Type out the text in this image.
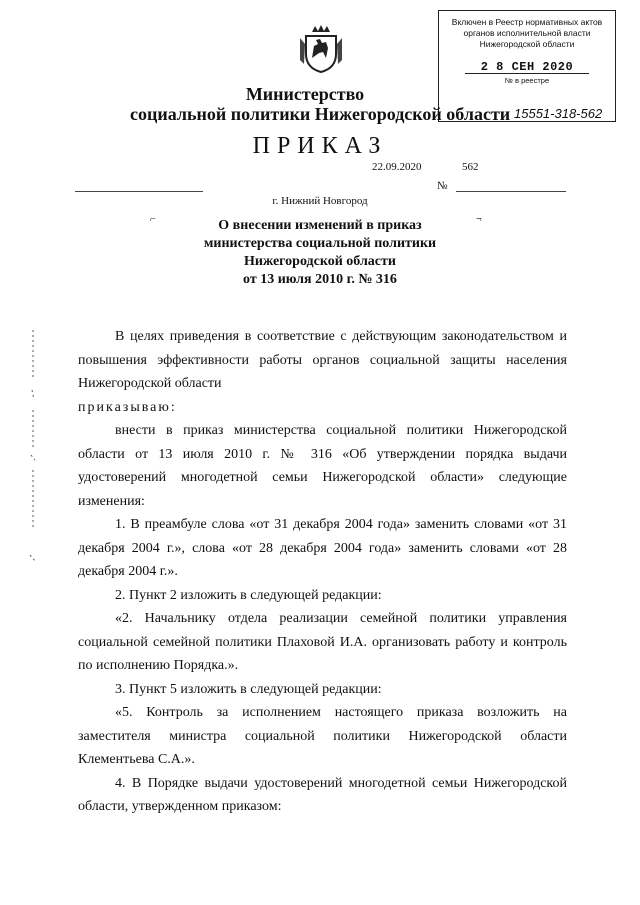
Включен в Реестр нормативных актов органов исполнительной власти Нижегородской области
2 8 СЕН 2020
№ в реестре
Министерство
социальной политики Нижегородской области 15551-318-562
ПРИКАЗ
22.09.2020	562
№
г. Нижний Новгород
⌐	¬
О внесении изменений в приказ
министерства социальной политики
Нижегородской области
от 13 июля 2010 г. № 316

В целях приведения в соответствие с действующим законодательством и повышения эффективности работы органов социальной защиты населения Нижегородской области

приказываю:

внести в приказ министерства социальной политики Нижегородской области от 13 июля 2010 г. № 316 «Об утверждении порядка выдачи удостоверений многодетной семьи Нижегородской области» следующие изменения:

1. В преамбуле слова «от 31 декабря 2004 года» заменить словами «от 31 декабря 2004 г.», слова «от 28 декабря 2004 года» заменить словами «от 28 декабря 2004 г.».

2. Пункт 2 изложить в следующей редакции:

«2. Начальнику отдела реализации семейной политики управления социальной семейной политики Плаховой И.А. организовать работу и контроль по исполнению Порядка.».

3. Пункт 5 изложить в следующей редакции:

«5. Контроль за исполнением настоящего приказа возложить на заместителя министра социальной политики Нижегородской области Клементьева С.А.».

4. В Порядке выдачи удостоверений многодетной семьи Нижегородской области, утвержденном приказом:
